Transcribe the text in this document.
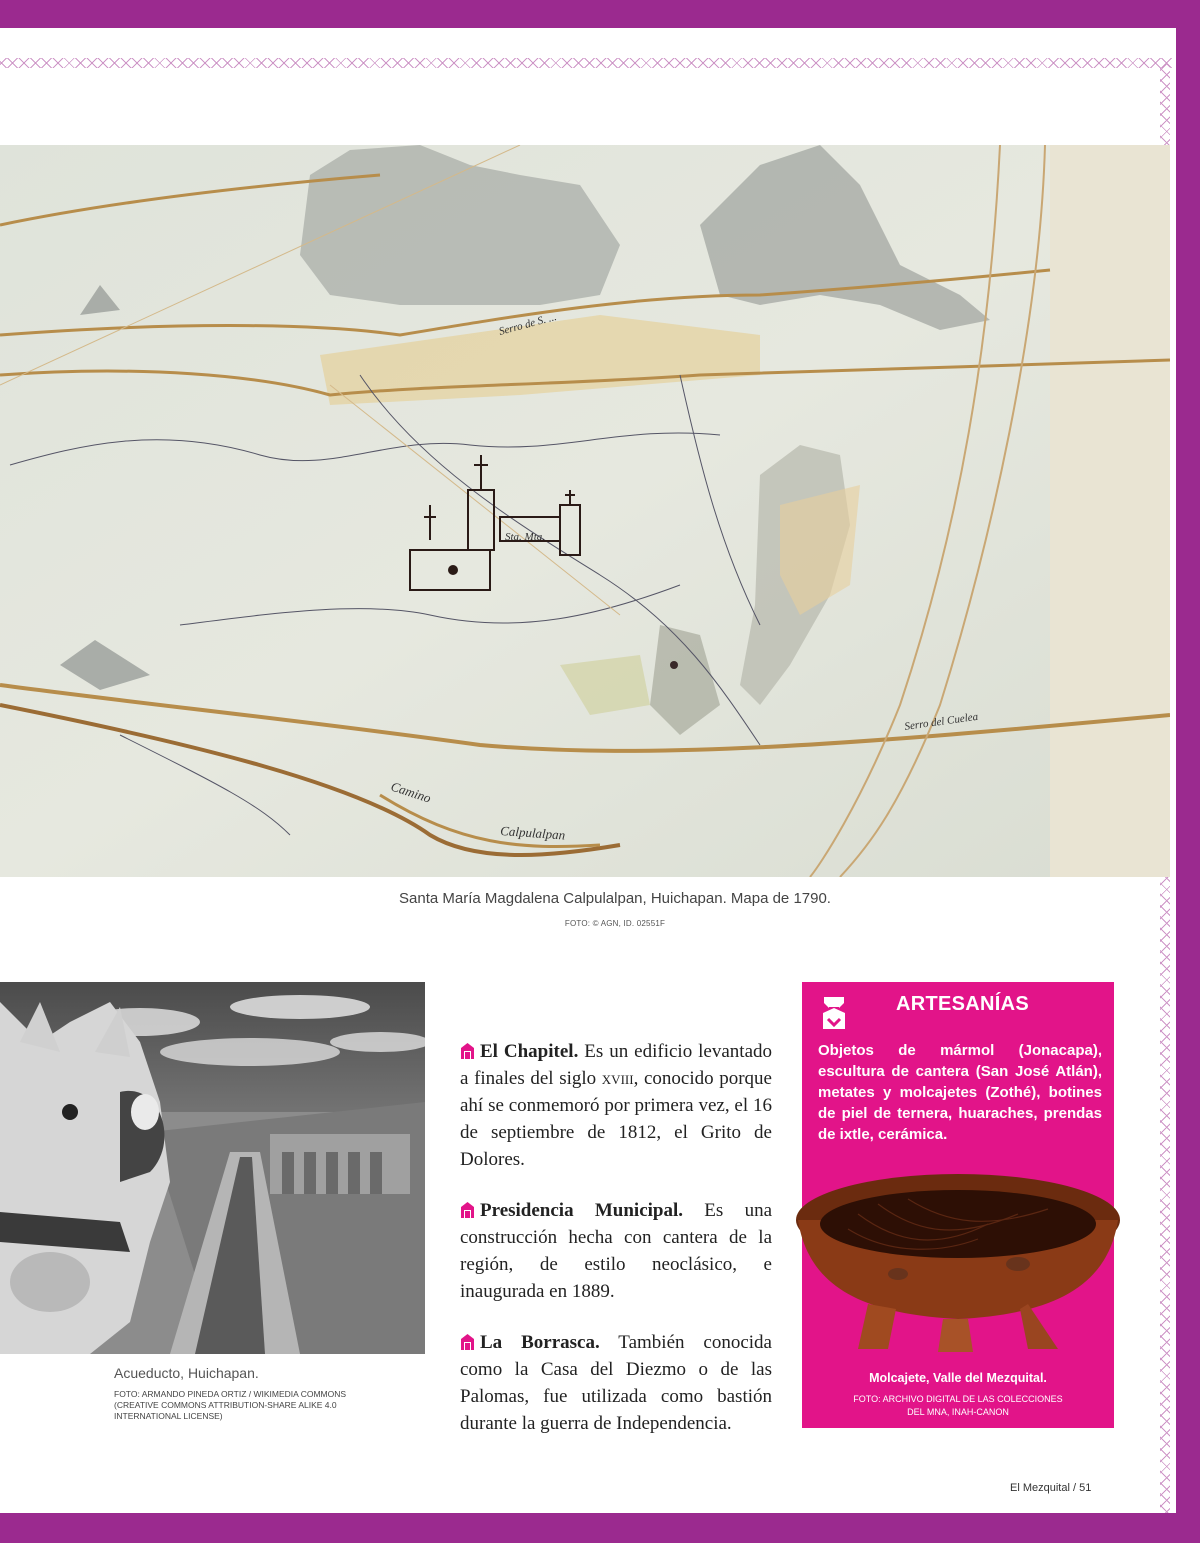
Sta. Mta.
Serro de S. ...
Serro del Cuelea
Camino
Calpulalpan
Santa María Magdalena Calpulalpan, Huichapan. Mapa de 1790.
FOTO: © AGN, ID. 02551F
Acueducto, Huichapan.
FOTO: ARMANDO PINEDA ORTIZ / WIKIMEDIA COMMONS (CREATIVE COMMONS ATTRIBUTION-SHARE ALIKE 4.0 INTERNATIONAL LICENSE)

El Chapitel. Es un edificio levantado a finales del siglo xviii, conocido porque ahí se conmemoró por primera vez, el 16 de septiembre de 1812, el Grito de Dolores.

Presidencia Municipal. Es una construcción hecha con cantera de la región, de estilo neoclásico, e inaugurada en 1889.

La Borrasca. También conocida como la Casa del Diezmo o de las Palomas, fue utilizada como bastión durante la guerra de Independencia.

ARTESANÍAS
Objetos de mármol (Jonacapa), escultura de cantera (San José Atlán), metates y molcajetes (Zothé), botines de piel de ternera, huaraches, prendas de ixtle, cerámica.
Molcajete, Valle del Mezquital.
FOTO: ARCHIVO DIGITAL DE LAS COLECCIONES
DEL MNA, INAH-CANON
El Mezquital / 51
